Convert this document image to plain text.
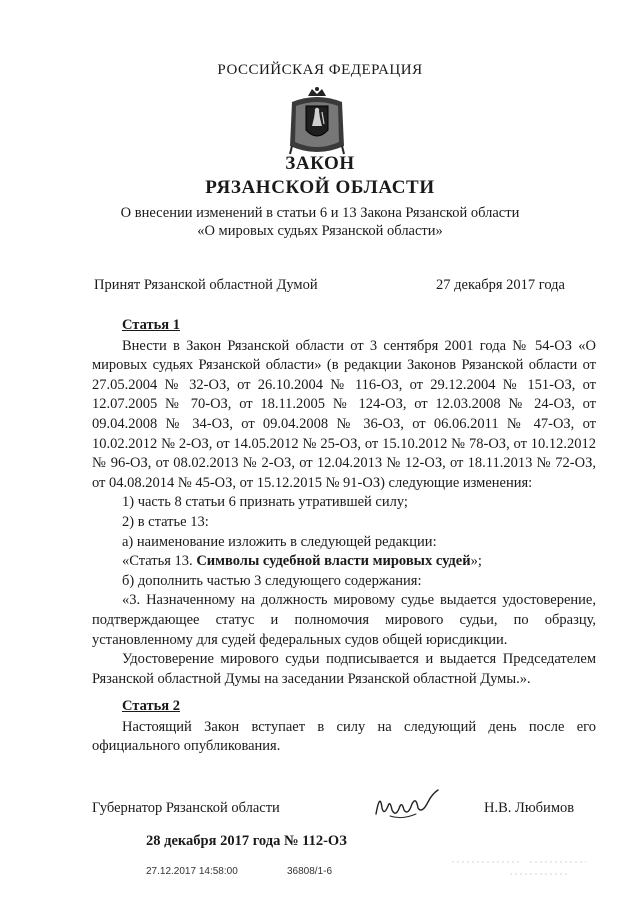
РОССИЙСКАЯ ФЕДЕРАЦИЯ
ЗАКОН
РЯЗАНСКОЙ ОБЛАСТИ
О внесении изменений в статьи 6 и 13 Закона Рязанской области
«О мировых судьях Рязанской области»
Принят Рязанской областной Думой	27 декабря 2017 года

Статья 1

Внести в Закон Рязанской области от 3 сентября 2001 года № 54-ОЗ «О мировых судьях Рязанской области» (в редакции Законов Рязанской области от 27.05.2004 № 32-ОЗ, от 26.10.2004 № 116-ОЗ, от 29.12.2004 № 151-ОЗ, от 12.07.2005 № 70-ОЗ, от 18.11.2005 № 124-ОЗ, от 12.03.2008 № 24-ОЗ, от 09.04.2008 № 34-ОЗ, от 09.04.2008 № 36-ОЗ, от 06.06.2011 № 47-ОЗ, от 10.02.2012 № 2-ОЗ, от 14.05.2012 № 25-ОЗ, от 15.10.2012 № 78-ОЗ, от 10.12.2012 № 96-ОЗ, от 08.02.2013 № 2-ОЗ, от 12.04.2013 № 12-ОЗ, от 18.11.2013 № 72-ОЗ, от 04.08.2014 № 45-ОЗ, от 15.12.2015 № 91-ОЗ) следующие изменения:

1) часть 8 статьи 6 признать утратившей силу;

2) в статье 13:

а) наименование изложить в следующей редакции:

«Статья 13. Символы судебной власти мировых судей»;

б) дополнить частью 3 следующего содержания:

«3. Назначенному на должность мировому судье выдается удостоверение, подтверждающее статус и полномочия мирового судьи, по образцу, установленному для судей федеральных судов общей юрисдикции.

Удостоверение мирового судьи подписывается и выдается Председателем Рязанской областной Думы на заседании Рязанской областной Думы.».

Статья 2

Настоящий Закон вступает в силу на следующий день после его официального опубликования.

Губернатор Рязанской области	Н.В. Любимов
28 декабря 2017 года № 112-ОЗ
27.12.2017 14:58:00	36808/1-6
